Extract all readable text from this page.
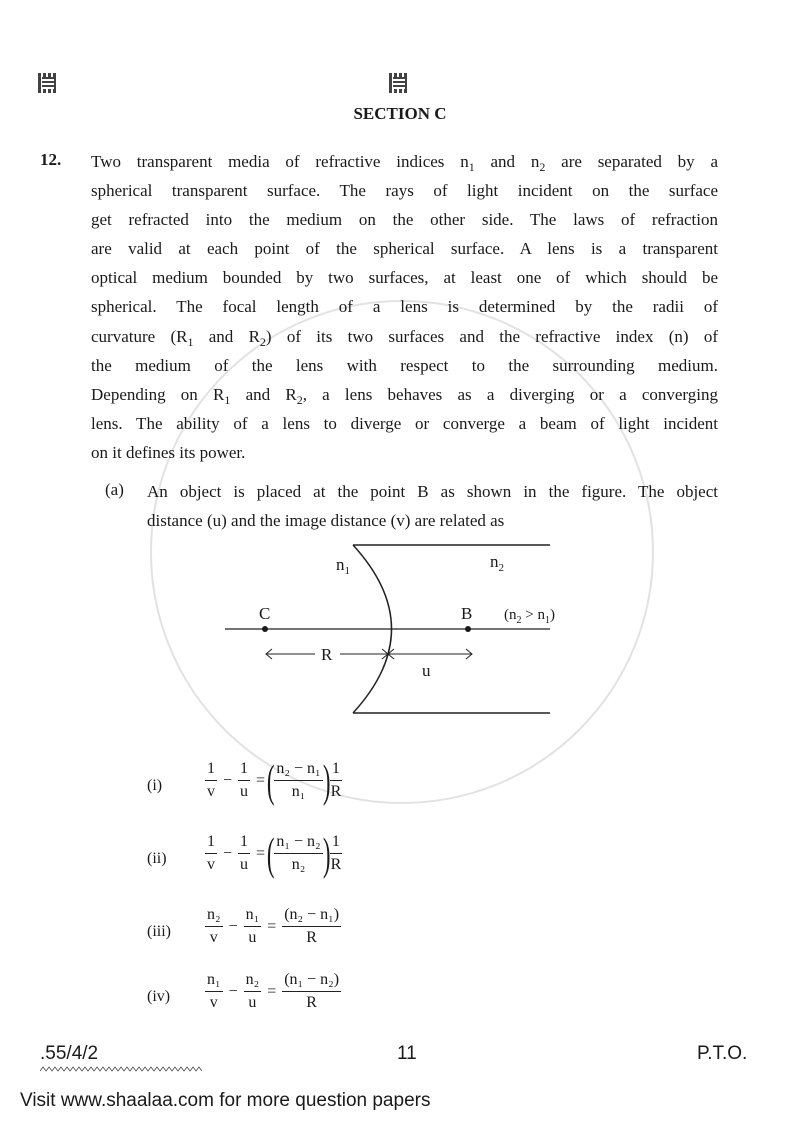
SECTION C
12. Two transparent media of refractive indices $n_1$ and $n_2$ are separated by a
spherical transparent surface. The rays of light incident on the surface
get refracted into the medium on the other side. The laws of refraction
are valid at each point of the spherical surface. A lens is a transparent
optical medium bounded by two surfaces, at least one of which should be
spherical. The focal length of a lens is determined by the radii of
curvature ($R_1$ and $R_2$) of its two surfaces and the refractive index (n) of
the medium of the lens with respect to the surrounding medium.
Depending on $R_1$ and $R_2$, a lens behaves as a diverging or a converging
lens. The ability of a lens to diverge or converge a beam of light incident
on it defines its power.
(a) An object is placed at the point B as shown in the figure. The object
distance (u) and the image distance (v) are related as
$n_1$	$n_2$
C	B $(n_2 > n_1)$
R
u
(i)	$\frac{1}{v} - \frac{1}{u}$ = ( $\frac{\text{n₂ − n₁}}{\text{n₁}}$ ) $\frac{1}{R}$
$(ii) \frac{1}{v} - \frac{1}{u}$ = ( $\frac{\text{n₁ − n₂}}{\text{n₂}}$ ) $\frac{1}{R}$
$(iii) \frac{\text{n₂}}{v} - \frac{\text{n₁}}{u} = \frac{\text{(n₂ − n₁)}}{R}$
$(iv) \frac{\text{n₁}}{v} - \frac{\text{n₂}}{u} = \frac{\text{(n₁ − n₂)}}{R}$
.55/4/2	11	P.T.O.
Visit www.shaalaa.com for more question papers
